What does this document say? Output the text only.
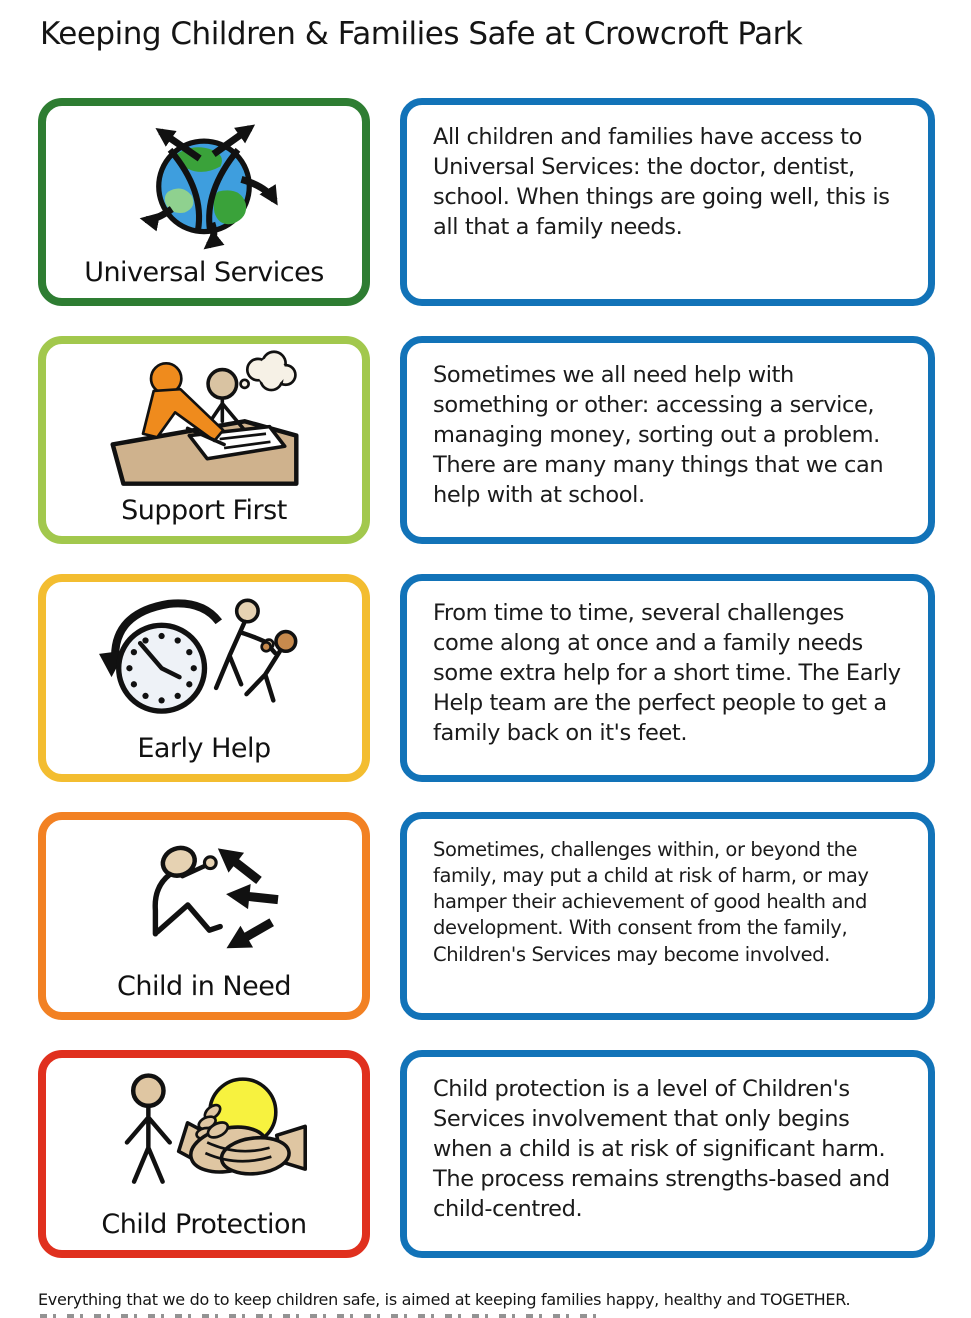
Keeping Children & Families Safe at Crowcroft Park
Universal Services

All children and families have access to Universal Services: the doctor, dentist, school. When things are going well, this is all that a family needs.

Support First

Sometimes we all need help with something or other: accessing a service, managing money, sorting out a problem. There are many many things that we can help with at school.

Early Help

From time to time, several challenges come along at once and a family needs some extra help for a short time. The Early Help team are the perfect people to get a family back on it's feet.

Child in Need

Sometimes, challenges within, or beyond the family, may put a child at risk of harm, or may hamper their achievement of good health and development. With consent from the family, Children's Services may become involved.

Child Protection

Child protection is a level of Children's Services involvement that only begins when a child is at risk of significant harm. The process remains strengths-based and child-centred.

Everything that we do to keep children safe, is aimed at keeping families happy, healthy and TOGETHER.
